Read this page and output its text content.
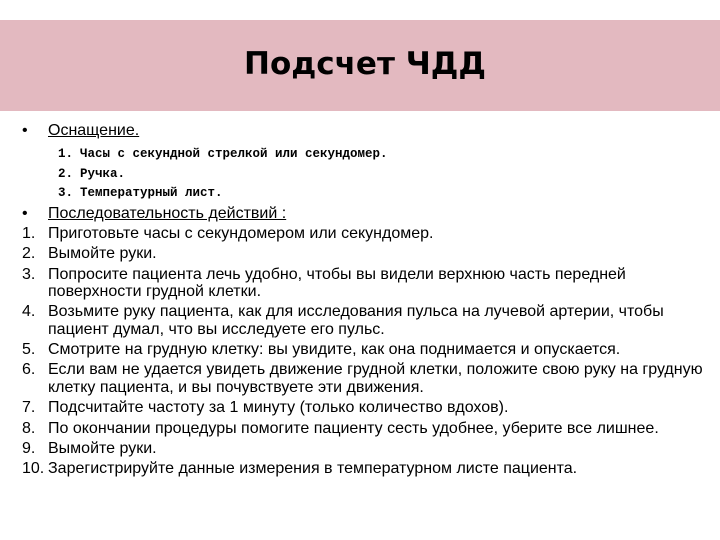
Подсчет ЧДД
• Оснащение.
1. Часы с секундной стрелкой или секундомер.
2. Ручка.
3. Температурный лист.
• Последовательность действий :
1. Приготовьте часы с секундомером или секундомер.
2. Вымойте руки.
3. Попросите пациента лечь удобно, чтобы вы видели верхнюю часть передней поверхности грудной клетки.
4. Возьмите руку пациента, как для исследования пульса на лучевой артерии, чтобы пациент думал, что вы исследуете его пульс.
5. Смотрите на грудную клетку: вы увидите, как она поднимается и опускается.
6. Если вам не удается увидеть движение грудной клетки, положите свою руку на грудную клетку пациента, и вы почувствуете эти движения.
7. Подсчитайте частоту за 1 минуту (только количество вдохов).
8. По окончании процедуры помогите пациенту сесть удобнее, уберите все лишнее.
9. Вымойте руки.
10. Зарегистрируйте данные измерения в температурном листе пациента.
